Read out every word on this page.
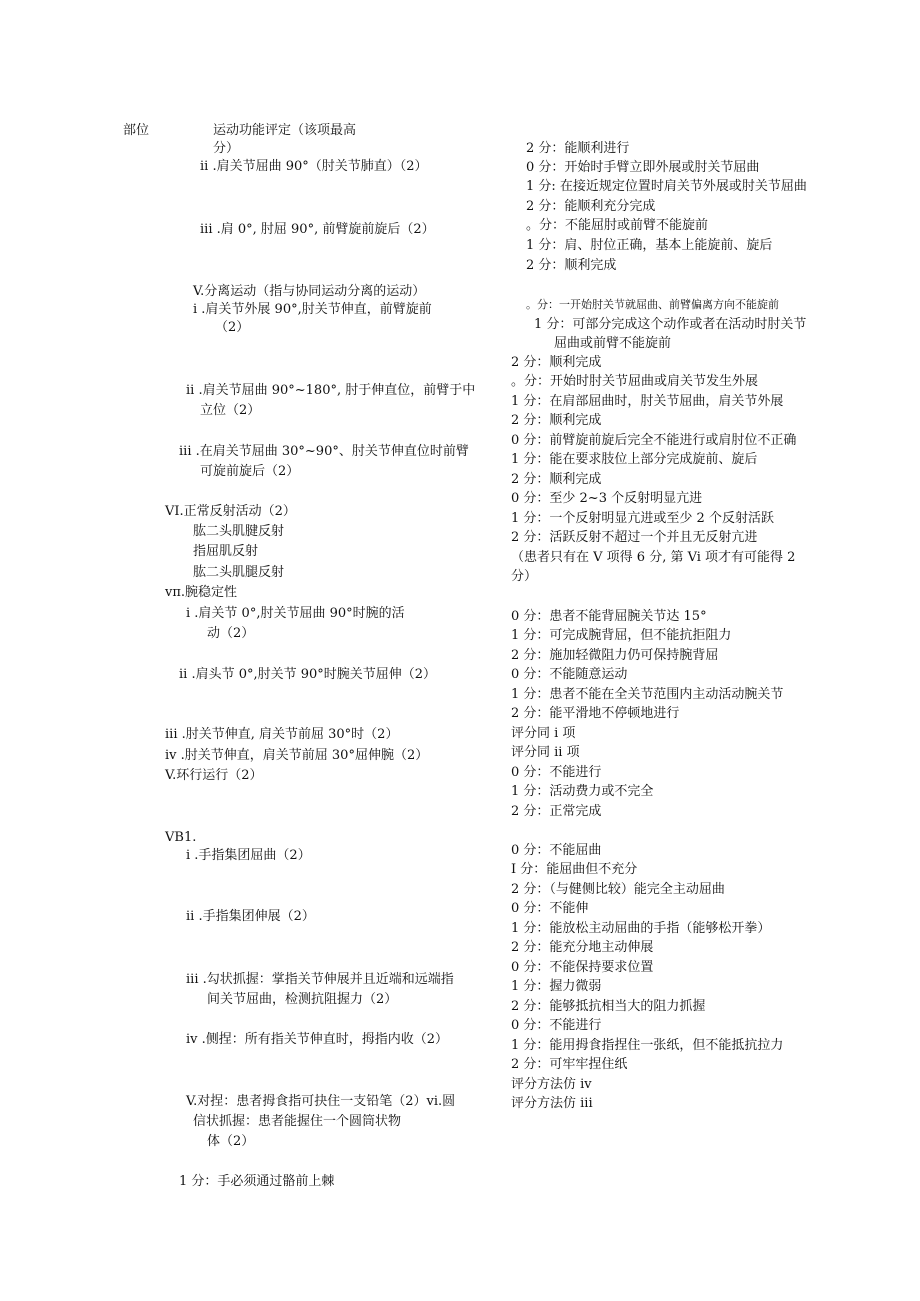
部位	运动功能评定（该项最高
分）
ii .肩关节屈曲 90°（肘关节肺直）（2）
iii .肩 0°, 肘屈 90°, 前臂旋前旋后（2）
V.分离运动（指与协同运动分离的运动）
i .肩关节外展 90°,肘关节伸直，前臂旋前
（2）
ii .肩关节屈曲 90°~180°, 肘于伸直位，前臂于中
立位（2）
iii .在肩关节屈曲 30°~90°、肘关节伸直位时前臂
可旋前旋后（2）
VI.正常反射活动（2）
肱二头肌腱反射
指屈肌反射
肱二头肌腿反射
vπ.腕稳定性
i .肩关节 0°,肘关节屈曲 90°时腕的活
动（2）
ii .肩头节 0°,肘关节 90°时腕关节屈伸（2）
iii .肘关节伸直, 肩关节前屈 30°时（2）
iv .肘关节伸直，肩关节前屈 30°屈伸腕（2）
V.环行运行（2）
VB1.
i .手指集团屈曲（2）
ii .手指集团伸展（2）
iii .勾状抓握：掌指关节伸展并且近端和远端指
间关节屈曲，检测抗阻握力（2）
iv .侧捏：所有指关节伸直时，拇指内收（2）
V.对捏：患者拇食指可抉住一支铅笔（2）vi.圆
信状抓握：患者能握住一个圆筒状物
体（2）
1 分：手必须通过骼前上棘
2 分：能顺利进行
0 分：开始时手臂立即外展或肘关节屈曲
1 分: 在接近规定位置时肩关节外展或肘关节屈曲
2 分：能顺利充分完成
。分：不能屈肘或前臂不能旋前
1 分：肩、肘位正确，基本上能旋前、旋后
2 分：顺利完成
。分：一开始肘关节就屈曲、前臂偏离方向不能旋前
1 分：可部分完成这个动作或者在活动时肘关节
屈曲或前臂不能旋前
2 分：顺利完成
。分：开始时肘关节屈曲或肩关节发生外展
1 分：在肩部屈曲时，肘关节屈曲，肩关节外展
2 分：顺利完成
0 分：前臂旋前旋后完全不能进行或肩肘位不正确
1 分：能在要求肢位上部分完成旋前、旋后
2 分：顺利完成
0 分：至少 2~3 个反射明显亢进
1 分：一个反射明显亢进或至少 2 个反射活跃
2 分：活跃反射不超过一个并且无反射亢进
（患者只有在 V 项得 6 分, 第 Vi 项才有可能得 2
分）
0 分：患者不能背屈腕关节达 15°
1 分：可完成腕背屈，但不能抗拒阻力
2 分：施加轻微阻力仍可保持腕背屈
0 分：不能随意运动
1 分：患者不能在全关节范围内主动活动腕关节
2 分：能平滑地不停顿地进行
评分同 i 项
评分同 ii 项
0 分：不能进行
1 分：活动费力或不完全
2 分：正常完成
0 分：不能屈曲
I 分：能屈曲但不充分
2 分：（与健侧比较）能完全主动屈曲
0 分：不能伸
1 分：能放松主动屈曲的手指（能够松开拳）
2 分：能充分地主动伸展
0 分：不能保持要求位置
1 分：握力微弱
2 分：能够抵抗相当大的阻力抓握
0 分：不能进行
1 分：能用拇食指捏住一张纸，但不能抵抗拉力
2 分：可牢牢捏住纸
评分方法仿 iv
评分方法仿 iii
